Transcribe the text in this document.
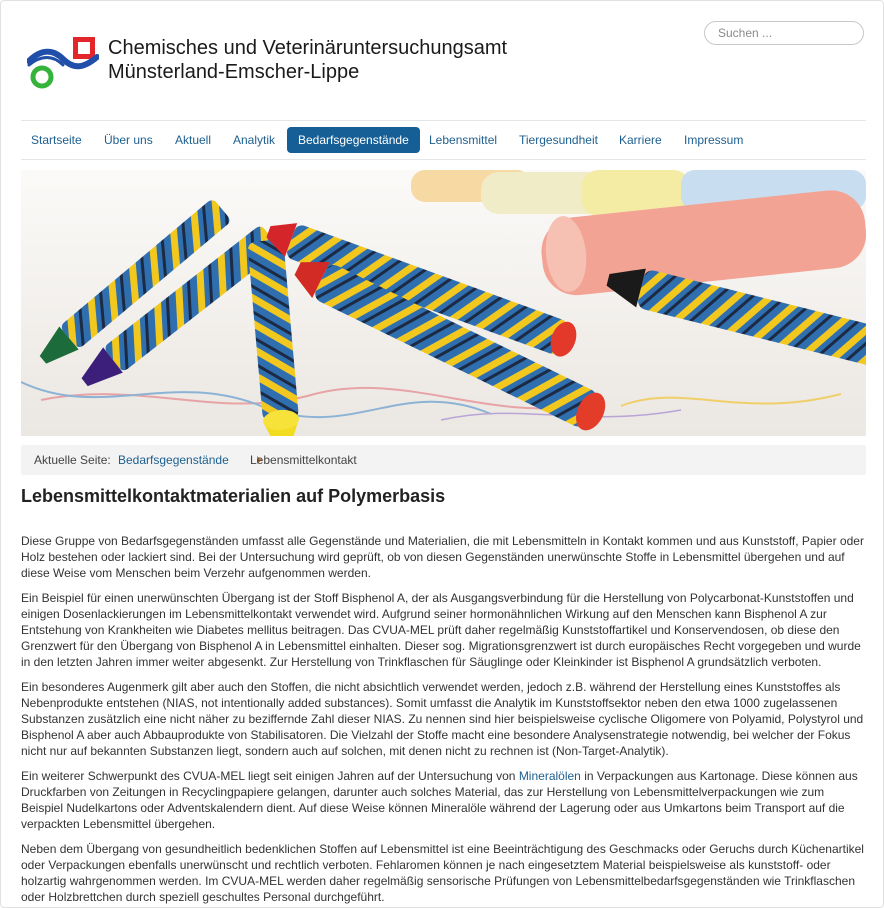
Chemisches und Veterinäruntersuchungsamt
Münsterland-Emscher-Lippe
Suchen ...
Startseite Über uns Aktuell Analytik	Bedarfsgegenstände	Lebensmittel Tiergesundheit Karriere Impressum
Aktuelle Seite: Bedarfsgegenstände Lebensmittelkontakt
Lebensmittelkontaktmaterialien auf Polymerbasis

Diese Gruppe von Bedarfsgegenständen umfasst alle Gegenstände und Materialien, die mit Lebensmitteln in Kontakt kommen und aus Kunststoff, Papier oder Holz bestehen oder lackiert sind. Bei der Untersuchung wird geprüft, ob von diesen Gegenständen unerwünschte Stoffe in Lebensmittel übergehen und auf diese Weise vom Menschen beim Verzehr aufgenommen werden.

Ein Beispiel für einen unerwünschten Übergang ist der Stoff Bisphenol A, der als Ausgangsverbindung für die Herstellung von Polycarbonat-Kunststoffen und einigen Dosenlackierungen im Lebensmittelkontakt verwendet wird. Aufgrund seiner hormonähnlichen Wirkung auf den Menschen kann Bisphenol A zur Entstehung von Krankheiten wie Diabetes mellitus beitragen. Das CVUA-MEL prüft daher regelmäßig Kunststoffartikel und Konservendosen, ob diese den Grenzwert für den Übergang von Bisphenol A in Lebensmittel einhalten. Dieser sog. Migrationsgrenzwert ist durch europäisches Recht vorgegeben und wurde in den letzten Jahren immer weiter abgesenkt. Zur Herstellung von Trinkflaschen für Säuglinge oder Kleinkinder ist Bisphenol A grundsätzlich verboten.

Ein besonderes Augenmerk gilt aber auch den Stoffen, die nicht absichtlich verwendet werden, jedoch z.B. während der Herstellung eines Kunststoffes als Nebenprodukte entstehen (NIAS, not intentionally added substances). Somit umfasst die Analytik im Kunststoffsektor neben den etwa 1000 zugelassenen Substanzen zusätzlich eine nicht näher zu beziffernde Zahl dieser NIAS. Zu nennen sind hier beispielsweise cyclische Oligomere von Polyamid, Polystyrol und Bisphenol A aber auch Abbauprodukte von Stabilisatoren. Die Vielzahl der Stoffe macht eine besondere Analysenstrategie notwendig, bei welcher der Fokus nicht nur auf bekannten Substanzen liegt, sondern auch auf solchen, mit denen nicht zu rechnen ist (Non-Target-Analytik).

Ein weiterer Schwerpunkt des CVUA-MEL liegt seit einigen Jahren auf der Untersuchung von Mineralölen in Verpackungen aus Kartonage. Diese können aus Druckfarben von Zeitungen in Recyclingpapiere gelangen, darunter auch solches Material, das zur Herstellung von Lebensmittelverpackungen wie zum Beispiel Nudelkartons oder Adventskalendern dient. Auf diese Weise können Mineralöle während der Lagerung oder aus Umkartons beim Transport auf die verpackten Lebensmittel übergehen.

Neben dem Übergang von gesundheitlich bedenklichen Stoffen auf Lebensmittel ist eine Beeinträchtigung des Geschmacks oder Geruchs durch Küchenartikel oder Verpackungen ebenfalls unerwünscht und rechtlich verboten. Fehlaromen können je nach eingesetztem Material beispielsweise als kunststoff- oder holzartig wahrgenommen werden. Im CVUA-MEL werden daher regelmäßig sensorische Prüfungen von Lebensmittelbedarfsgegenständen wie Trinkflaschen oder Holzbrettchen durch speziell geschultes Personal durchgeführt.
